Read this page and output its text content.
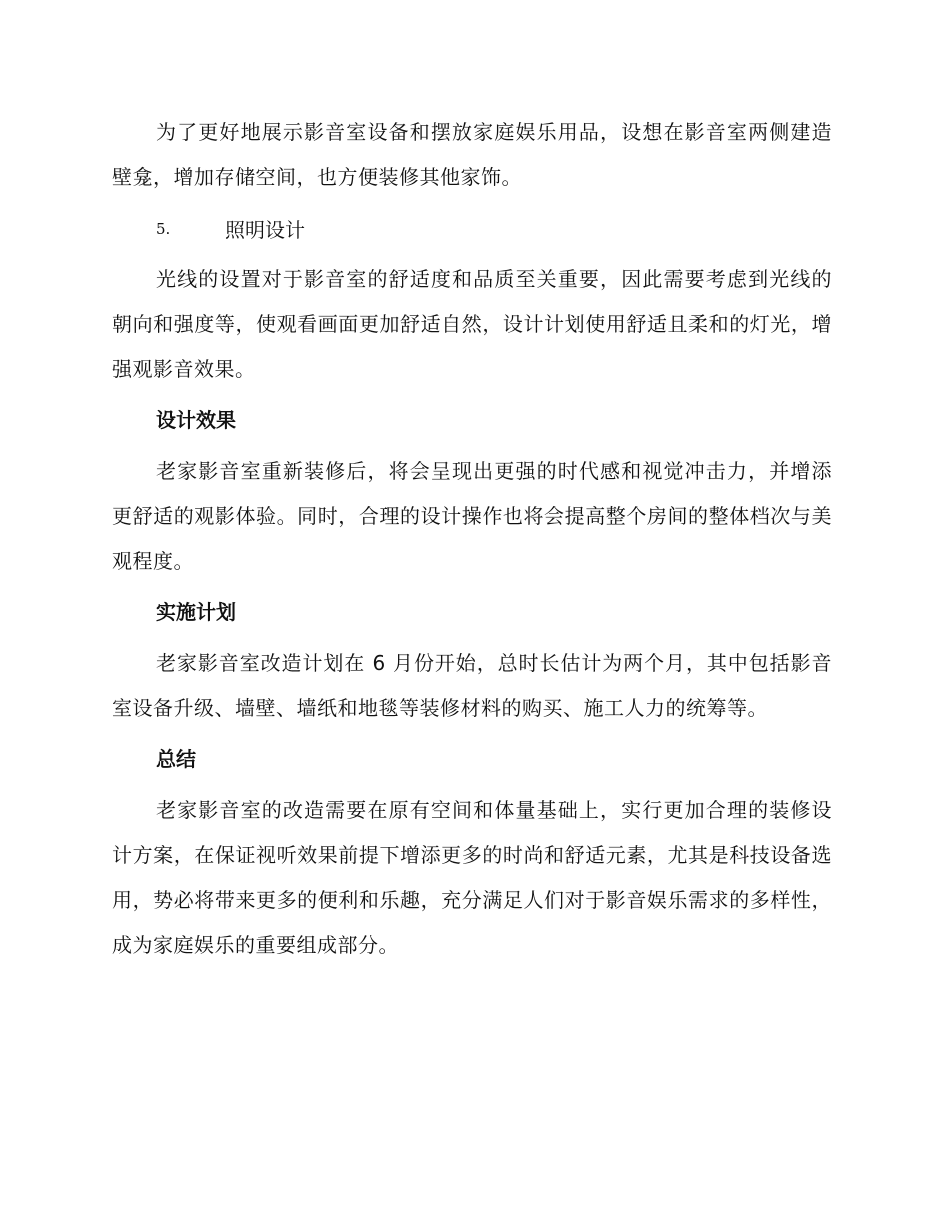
为了更好地展示影音室设备和摆放家庭娱乐用品，设想在影音室两侧建造壁龛，增加存储空间，也方便装修其他家饰。

5.	照明设计

光线的设置对于影音室的舒适度和品质至关重要，因此需要考虑到光线的朝向和强度等，使观看画面更加舒适自然，设计计划使用舒适且柔和的灯光，增强观影音效果。

设计效果

老家影音室重新装修后，将会呈现出更强的时代感和视觉冲击力，并增添更舒适的观影体验。同时，合理的设计操作也将会提高整个房间的整体档次与美观程度。

实施计划

老家影音室改造计划在 6 月份开始，总时长估计为两个月，其中包括影音室设备升级、墙壁、墙纸和地毯等装修材料的购买、施工人力的统筹等。

总结

老家影音室的改造需要在原有空间和体量基础上，实行更加合理的装修设计方案，在保证视听效果前提下增添更多的时尚和舒适元素，尤其是科技设备选用，势必将带来更多的便利和乐趣，充分满足人们对于影音娱乐需求的多样性，成为家庭娱乐的重要组成部分。
